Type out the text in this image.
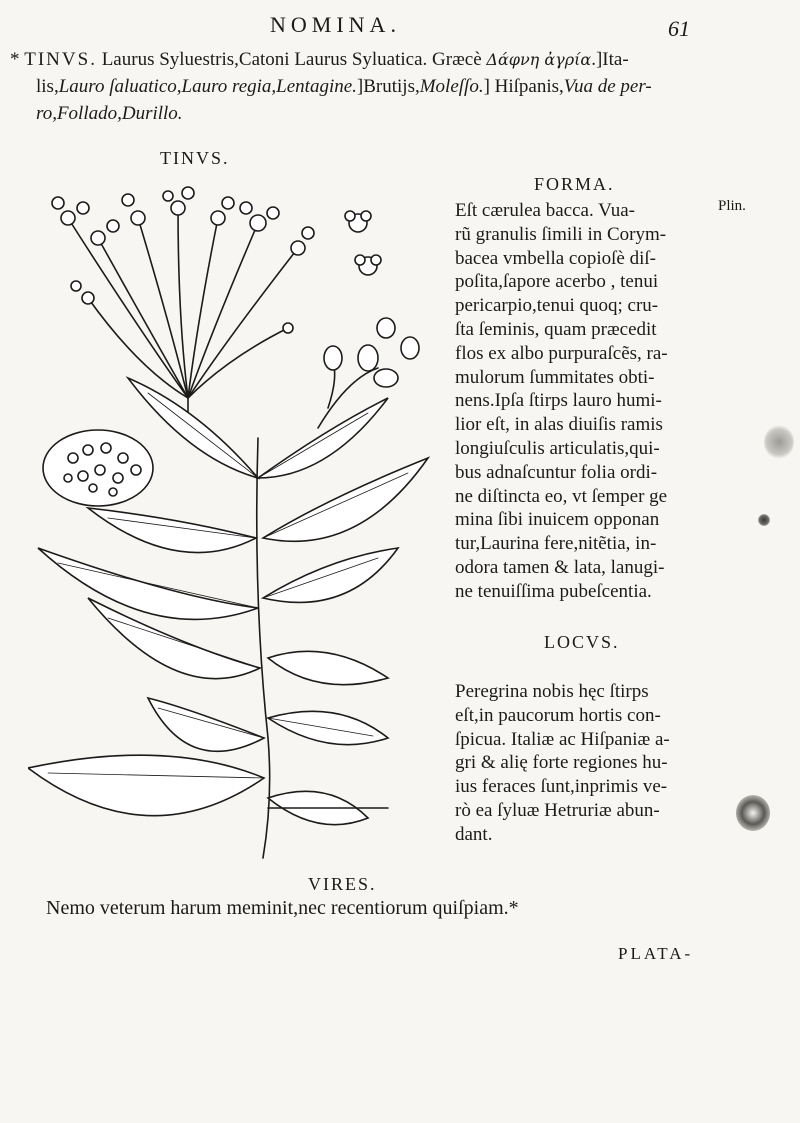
NOMINA.	61
* TINVS. Laurus Syluestris,Catoni Laurus Syluatica. Græcè Δάφνη ἀγρία.]Ita-
lis,Lauro ſaluatico,Lauro regia,Lentagine.]Brutijs,Moleſſo.] Hiſpanis,Vua de per-
ro,Follado,Durillo.
TINVS.
FORMA.
Eſt cærulea bacca. Vua-
rũ granulis ſimili in Corym-
bacea vmbella copioſè diſ-
poſita,ſapore acerbo , tenui
pericarpio,tenui quoq; cru-
ſta ſeminis, quam præcedit
flos ex albo purpuraſcẽs, ra-
mulorum ſummitates obti-
nens.Ipſa ſtirps lauro humi-
lior eſt, in alas diuiſis ramis
longiuſculis articulatis,qui-
bus adnaſcuntur folia ordi-
ne diſtincta eo, vt ſemper ge
mina ſibi inuicem opponan
tur,Laurina fere,nitẽtia, in-
odora tamen & lata, lanugi-
ne tenuiſſima pubeſcentia.
Plin.
LOCVS.
Peregrina nobis hęc ſtirps
eſt,in paucorum hortis con-
ſpicua. Italiæ ac Hiſpaniæ a-
gri & alię forte regiones hu-
ius feraces ſunt,inprimis ve-
rò ea ſyluæ Hetruriæ abun-
dant.
VIRES.
Nemo veterum harum meminit,nec recentiorum quiſpiam.*
PLATA-
